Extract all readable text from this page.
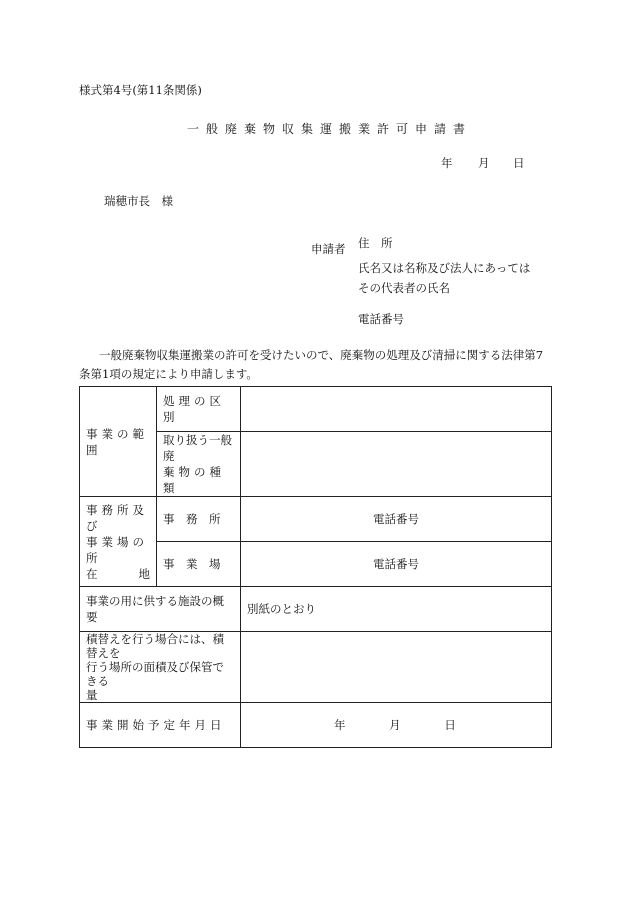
様式第4号(第11条関係)
一般廃棄物収集運搬業許可申請書
年 月 日
瑞穂市長　様
申請者 住　所
氏名又は名称及び法人にあっては
その代表者の氏名
電話番号
一般廃棄物収集運搬業の許可を受けたいので、廃棄物の処理及び清掃に関する法律第7
条第1項の規定により申請します。
事業の範囲	処理の区別	

	取り扱う一般廃
棄物の種類	

事務所及び
事業場の所
在 地	事　務　所	電話番号
	事　業　場	電話番号
事業の用に供する施設の概要		別紙のとおり

積替えを行う場合には、積替えを
行う場所の面積及び保管できる
量		

事業開始予定年月日		年 月 日
